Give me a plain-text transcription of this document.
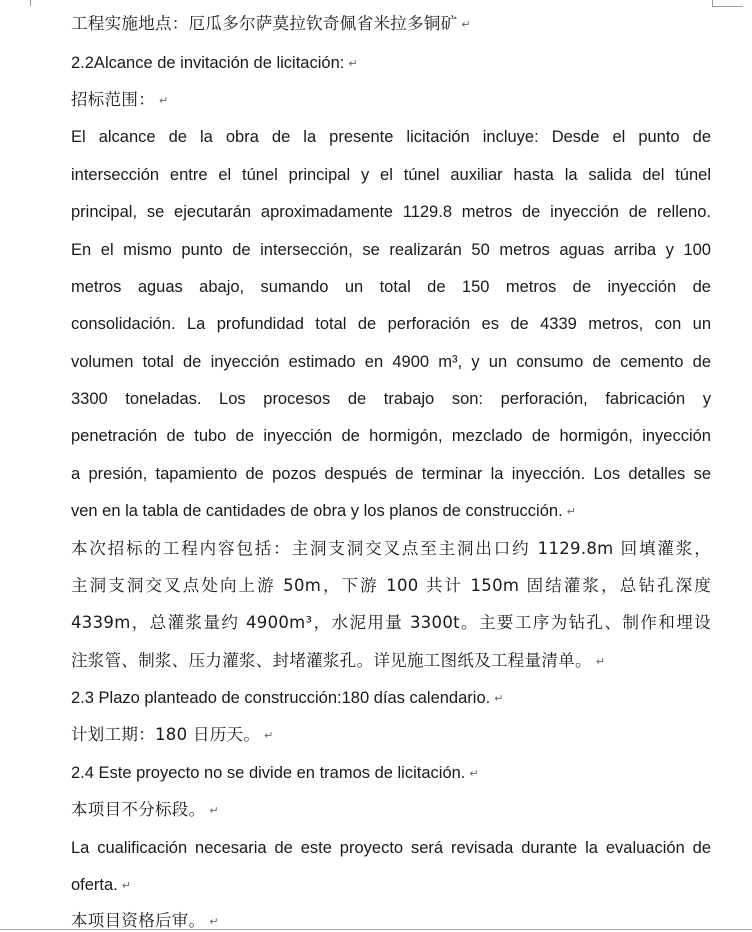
工程实施地点：厄瓜多尔萨莫拉钦奇佩省米拉多铜矿 ↵
2.2Alcance de invitación de licitación: ↵
招标范围： ↵
El alcance de la obra de la presente licitación incluye: Desde el punto de
intersección entre el túnel principal y el túnel auxiliar hasta la salida del túnel
principal, se ejecutarán aproximadamente 1129.8 metros de inyección de relleno.
En el mismo punto de intersección, se realizarán 50 metros aguas arriba y 100
metros aguas abajo, sumando un total de 150 metros de inyección de
consolidación. La profundidad total de perforación es de 4339 metros, con un
volumen total de inyección estimado en 4900 m³, y un consumo de cemento de
3300 toneladas. Los procesos de trabajo son: perforación, fabricación y
penetración de tubo de inyección de hormigón, mezclado de hormigón, inyección
a presión, tapamiento de pozos después de terminar la inyección. Los detalles se
ven en la tabla de cantidades de obra y los planos de construcción. ↵
本次招标的工程内容包括：主洞支洞交叉点至主洞出口约 1129.8m 回填灌浆，
主洞支洞交叉点处向上游 50m，下游 100 共计 150m 固结灌浆，总钻孔深度
4339m，总灌浆量约 4900m³，水泥用量 3300t。主要工序为钻孔、制作和埋设
注浆管、制浆、压力灌浆、封堵灌浆孔。详见施工图纸及工程量清单。 ↵
2.3 Plazo planteado de construcción:180 días calendario. ↵
计划工期：180 日历天。 ↵
2.4 Este proyecto no se divide en tramos de licitación. ↵
本项目不分标段。 ↵
La cualificación necesaria de este proyecto será revisada durante la evaluación de
oferta. ↵
本项目资格后审。 ↵
